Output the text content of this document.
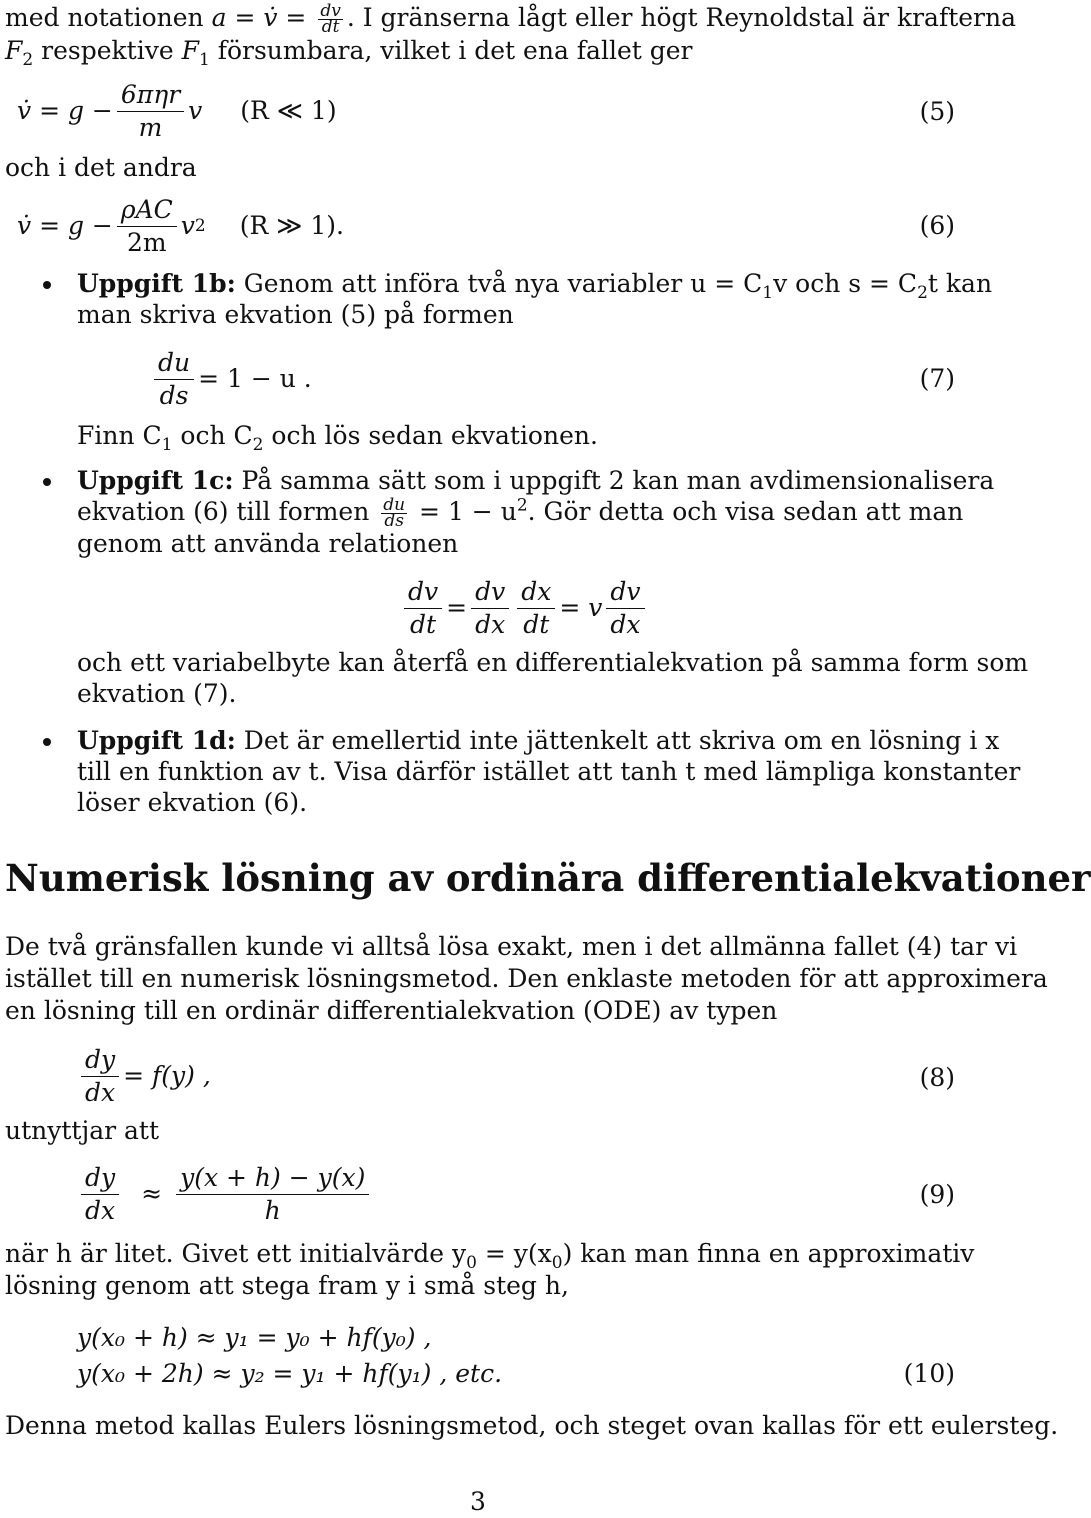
med notationen a = v̇ = $\frac{dv}{dt}$ . I gränserna lågt eller högt Reynoldstal är krafterna
$F_2$ respektive $F_1$ försumbara, vilket i det ena fallet ger
v̇ = $g - \frac{\text{6πηr}}{m}$ v (R ≪ 1)	(5)
och i det andra
v̇ = $g - \frac{\text{ρAC}}{2m}$ v 2 (R ≫ 1).	(6)
Uppgift 1b: Genom att införa två nya variabler $u = C_1v$ och $s = C_2t$ kan
man skriva ekvation (5) på formen
$\frac{du}{ds} = 1 - u$ .	(7)
Finn $C_1$ och $C_2$ och lös sedan ekvationen.
Uppgift 1c: På samma sätt som i uppgift 2 kan man avdimensionalisera
ekvation (6) till formen $\frac{du}{ds} = 1 - u^2$. Gör detta och visa sedan att man
genom att använda relationen
$\frac{dv}{dt} = \frac{dv}{dx} \frac{dx}{dt} = v \frac{dv}{dx}$
och ett variabelbyte kan återfå en differentialekvation på samma form som
ekvation (7).
Uppgift 1d: Det är emellertid inte jättenkelt att skriva om en lösning i x
till en funktion av t. Visa därför istället att tanh t med lämpliga konstanter
löser ekvation (6).
Numerisk lösning av ordinära differentialekvationer
De två gränsfallen kunde vi alltså lösa exakt, men i det allmänna fallet (4) tar vi
istället till en numerisk lösningsmetod. Den enklaste metoden för att approximera
en lösning till en ordinär differentialekvation (ODE) av typen
$\frac{dy}{dx} = f(y)$ ,	(8)
utnyttjar att
$\frac{dy}{dx} \approx \frac{y(x + h) - y(x)}{h}$	(9)
när h är litet. Givet ett initialvärde $y_0 = y(x_0)$ kan man finna en approximativ
lösning genom att stega fram y i små steg h,
y(x₀ + h) ≈ y₁ = y₀ + hf(y₀) ,
y(x₀ + 2h) ≈ y₂ = y₁ + hf(y₁) , etc.	(10)
Denna metod kallas Eulers lösningsmetod, och steget ovan kallas för ett eulersteg.
3
